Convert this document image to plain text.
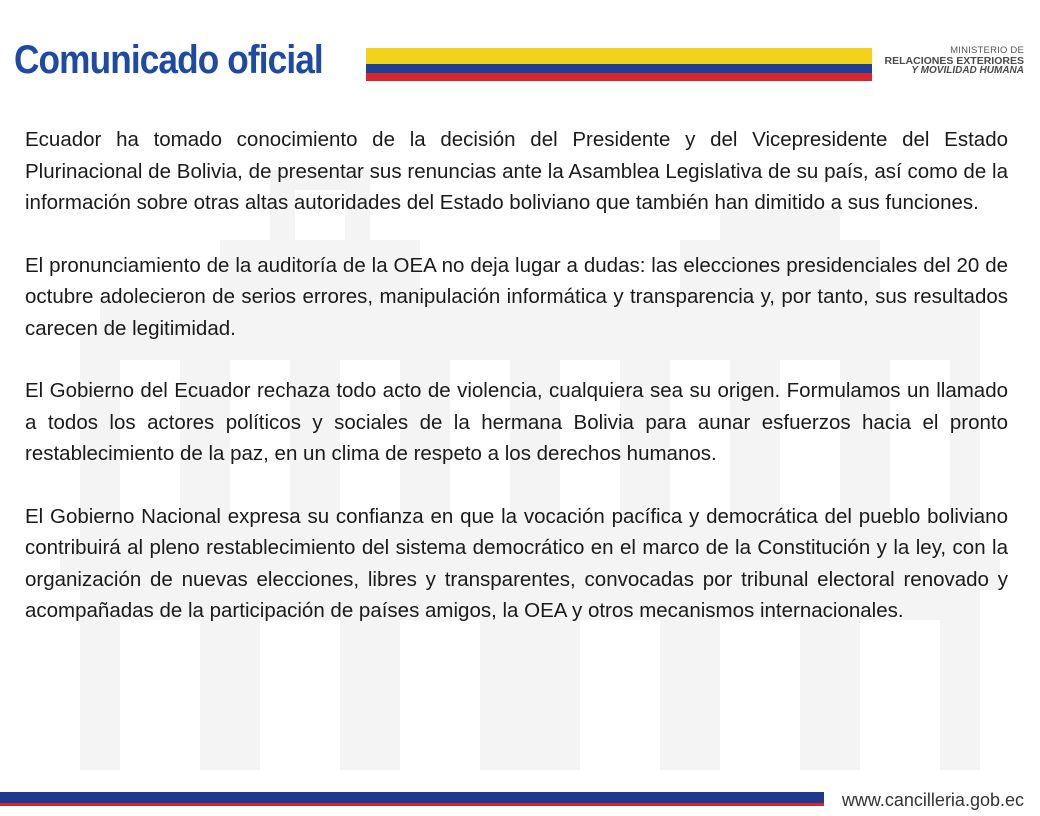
Comunicado oficial	MINISTERIO DE
RELACIONES EXTERIORES
Y MOVILIDAD HUMANA

Ecuador ha tomado conocimiento de la decisión del Presidente y del Vicepresidente del Estado Plurinacional de Bolivia, de presentar sus renuncias ante la Asamblea Legislativa de su país, así como de la información sobre otras altas autoridades del Estado boliviano que también han dimitido a sus funciones.

El pronunciamiento de la auditoría de la OEA no deja lugar a dudas: las elecciones presidenciales del 20 de octubre adolecieron de serios errores, manipulación informática y transparencia y, por tanto, sus resultados carecen de legitimidad.

El Gobierno del Ecuador rechaza todo acto de violencia, cualquiera sea su origen. Formulamos un llamado a todos los actores políticos y sociales de la hermana Bolivia para aunar esfuerzos hacia el pronto restablecimiento de la paz, en un clima de respeto a los derechos humanos.

El Gobierno Nacional expresa su confianza en que la vocación pacífica y democrática del pueblo boliviano contribuirá al pleno restablecimiento del sistema democrático en el marco de la Constitución y la ley, con la organización de nuevas elecciones, libres y transparentes, convocadas por tribunal electoral renovado y acompañadas de la participación de países amigos, la OEA y otros mecanismos internacionales.

www.cancilleria.gob.ec
